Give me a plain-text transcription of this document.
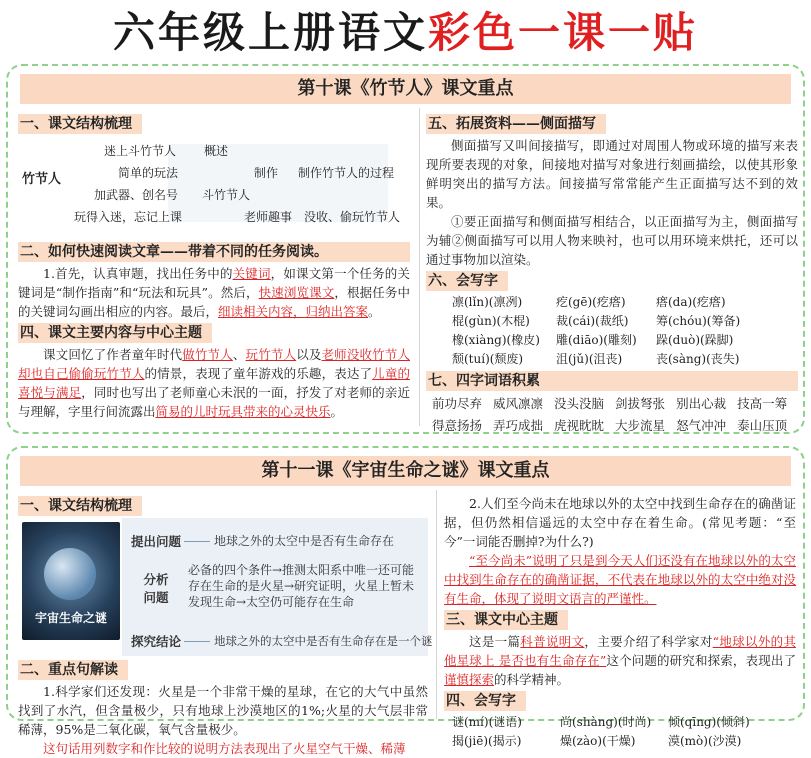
六年级上册语文彩色一课一贴
第十课《竹节人》课文重点
一、课文结构梳理
竹节人
迷上斗竹节人 概述
简单的玩法	制作 制作竹节人的过程
加武器、创名号 斗竹节人
玩得入迷，忘记上课	老师趣事 没收、偷玩竹节人
二、如何快速阅读文章——带着不同的任务阅读。
1.首先，认真审题，找出任务中的关键词，如课文第一个任务的关键词是“制作指南”和“玩法和玩具”。然后，快速浏览课文，根据任务中的关键词勾画出相应的内容。最后，细读相关内容，归纳出答案。
四、课文主要内容与中心主题
课文回忆了作者童年时代做竹节人、玩竹节人以及老师没收竹节人却也自己偷偷玩竹节人的情景，表现了童年游戏的乐趣，表达了儿童的喜悦与满足，同时也写出了老师童心未泯的一面，抒发了对老师的亲近与理解，字里行间流露出简易的儿时玩具带来的心灵快乐。
五、拓展资料——侧面描写
侧面描写又叫间接描写，即通过对周围人物或环境的描写来表现所要表现的对象，间接地对描写对象进行刻画描绘，以使其形象鲜明突出的描写方法。间接描写常常能产生正面描写达不到的效果。
①要正面描写和侧面描写相结合，以正面描写为主，侧面描写为辅②侧面描写可以用人物来映衬，也可以用环境来烘托，还可以通过事物加以渲染。
六、会写字
凛(lǐn)(凛冽)	疙(gē)(疙瘩)	瘩(da)(疙瘩)
棍(gùn)(木棍)	裁(cái)(裁纸)	筹(chóu)(筹备)
橡(xiàng)(橡皮)	雕(diāo)(雕刻)	跺(duò)(跺脚)
颓(tuí)(颓废)	沮(jǔ)(沮丧)	丧(sàng)(丧失)
七、四字词语积累
前功尽弃 威风凛凛 没头没脑 剑拔弩张 别出心裁 技高一筹
得意扬扬 弄巧成拙 虎视眈眈 大步流星 怒气冲冲 泰山压顶
第十一课《宇宙生命之谜》课文重点
一、课文结构梳理
宇宙生命之谜
提出问题	地球之外的太空中是否有生命存在
分析
问题
必备的四个条件→推测太阳系中唯一还可能存在生命的是火星→研究证明，火星上暂未发现生命→太空仍可能存在生命
探究结论	地球之外的太空中是否有生命存在是一个谜
二、重点句解读
1.科学家们还发现：火星是一个非常干燥的星球，在它的大气中虽然找到了水汽，但含量极少，只有地球上沙漠地区的1%;火星的大气层非常稀薄，95%是二氧化碳，氧气含量极少。
这句话用列数字和作比较的说明方法表现出了火星空气干燥、稀薄
2.人们至今尚未在地球以外的太空中找到生命存在的确凿证据，但仍然相信遥远的太空中存在着生命。(常见考题：“至今”一词能否删掉?为什么?)
“至今尚未”说明了只是到今天人们还没有在地球以外的太空中找到生命存在的确凿证据，不代表在地球以外的太空中绝对没有生命，体现了说明文语言的严谨性。
三、课文中心主题
这是一篇科普说明文，主要介绍了科学家对“地球以外的其他星球上 是否也有生命存在”这个问题的研究和探索，表现出了谨慎探索的科学精神。
四、会写字
谜(mí)(谜语)	尚(shàng)(时尚)	倾(qīng)(倾斜)
揭(jiē)(揭示)	燥(zào)(干燥)	漠(mò)(沙漠)
